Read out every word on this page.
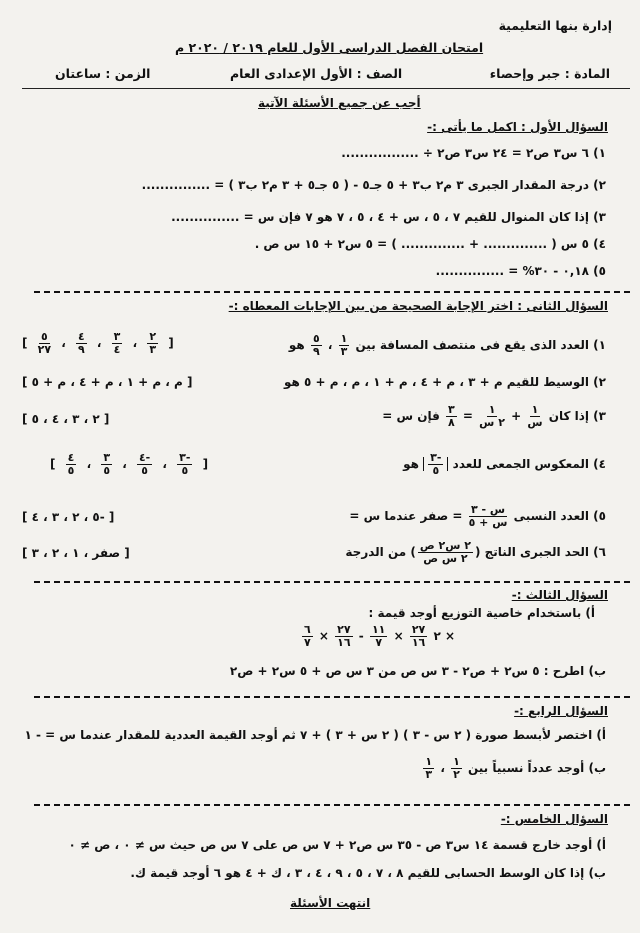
إدارة بنها التعليمية
امتحان الفصل الدراسى الأول للعام ٢٠١٩ / ٢٠٢٠ م
المادة : جبر وإحصاء
الصف : الأول الإعدادى العام
الزمن : ساعتان
أجب عن جميع الأسئلة الآتية
السؤال الأول : اكمل ما يأتى :-
١) ٦ س٣ ص٢ = ٢٤ س٣ ص٢ ÷ .................
٢) درجة المقدار الجبرى ٣ م٢ ب٣ + ٥ جـ٥ - ( ٥ جـ٥ + ٣ م٢ ب٣ ) = ...............
٣) إذا كان المنوال للقيم ٧ ، ٥ ، س + ٤ ، ٥ ، ٧ هو ٧ فإن س = ...............
٤) ٥ س ( .............. + .............. ) = ٥ س٢ + ١٥ س ص .
٥) ٠,١٨ - ٣٠% = ...............
السؤال الثانى : اختر الإجابة الصحيحة من بين الإجابات المعطاه :-
١) العدد الذى يقع فى منتصف المسافة بين
$\frac{١}{٣}$
،
$\frac{٥}{٩}$
هو
[
$\frac{٢}{٣}$
،
$\frac{٣}{٤}$
،
$\frac{٤}{٩}$
،
$\frac{٥}{٢٧}$
]
٢) الوسيط للقيم م + ٣ ، م + ٤ ، م + ١ ، م ، م + ٥ هو
[ م ، م + ١ ، م + ٤ ، م + ٥ ]
٣) إذا كان
$\frac{١}{\text{س}}$
+
$\frac{١}{\text{٢ س}}$
=
$\frac{٣}{٨}$
فإن س =
[ ٢ ، ٣ ، ٤ ، ٥ ]
٤) المعكوس الجمعى للعدد
$\frac{-٣}{٥}$
هو
[
$\frac{-٣}{٥}$
،
$\frac{-٤}{٥}$
،
$\frac{٣}{٥}$
،
$\frac{٤}{٥}$
]
٥) العدد النسبى
$\frac{\text{س - ٣}}{\text{س + ٥}}$
= صفر عندما س =
[ -٥ ، ٢ ، ٣ ، ٤ ]
٦) الحد الجبرى الناتج (
$\frac{\text{٢ س٢ ص}}{\text{٢ س ص}}$
) من الدرجة
[ صفر ، ١ ، ٢ ، ٣ ]
السؤال الثالث :-
أ) باستخدام خاصية التوزيع أوجد قيمة :
$\frac{٦}{٧} \times \frac{٢٧}{١٦} - \frac{١١}{٧} \times \frac{٢٧}{١٦}$ ٢ ×
ب) اطرح : ٥ س٢ + ص٢ - ٣ س ص من ٣ س ص + ٥ س٢ + ص٢
السؤال الرابع :-
أ) اختصر لأبسط صورة ( ٢ س - ٣ ) ( ٢ س + ٣ ) + ٧ ثم أوجد القيمة العددية للمقدار عندما س = - ١
ب) أوجد عدداً نسبياً بين
$\frac{١}{٢}$
،
$\frac{١}{٣}$
السؤال الخامس :-
أ) أوجد خارج قسمة ١٤ س٣ ص - ٣٥ س ص٢ + ٧ س ص على ٧ س ص حيث س ≠ ٠ ، ص ≠ ٠
ب) إذا كان الوسط الحسابى للقيم ٨ ، ٧ ، ٥ ، ٩ ، ٤ ، ٣ ، ك + ٤ هو ٦ أوجد قيمة ك.
انتهت الأسئلة
